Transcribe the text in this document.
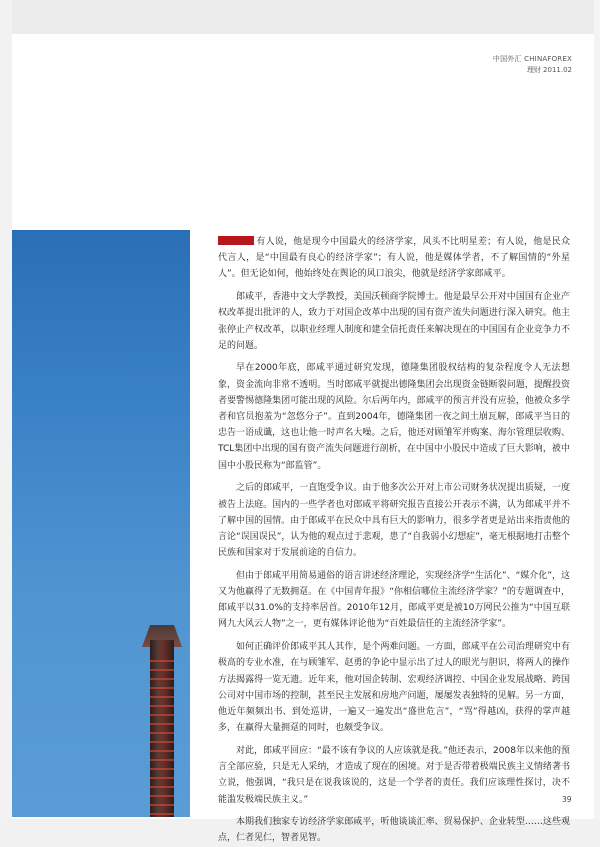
中国外汇 CHINAFOREX
理财 2011.02

有人说，他是现今中国最火的经济学家，风头不比明星差；有人说，他是民众代言人，是“中国最有良心的经济学家”；有人说，他是媒体学者，不了解国情的“外星人”。但无论如何，他始终处在舆论的风口浪尖，他就是经济学家郎咸平。

郎咸平，香港中文大学教授，美国沃顿商学院博士。他是最早公开对中国国有企业产权改革提出批评的人，致力于对国企改革中出现的国有资产流失问题进行深入研究。他主张停止产权改革，以职业经理人制度和建全信托责任来解决现在的中国国有企业竞争力不足的问题。

早在2000年底，郎咸平通过研究发现，德隆集团股权结构的复杂程度令人无法想象，资金流向非常不透明。当时郎咸平就提出德隆集团会出现资金链断裂问题，提醒投资者要警惕德隆集团可能出现的风险。尔后两年内，郎咸平的预言并没有应验，他被众多学者和官员抱羞为“忽悠分子”。直到2004年，德隆集团一夜之间土崩瓦解，郎咸平当日的忠告一语成谶，这也让他一时声名大噪。之后，他还对顾雏军并购案、海尔管理层收购、TCL集团中出现的国有资产流失问题进行剖析，在中国中小股民中造成了巨大影响，被中国中小股民称为“郎监管”。

之后的郎咸平，一直饱受争议。由于他多次公开对上市公司财务状况提出质疑，一度被告上法庭。国内的一些学者也对郎咸平将研究报告直接公开表示不满，认为郎咸平并不了解中国的国情。由于郎咸平在民众中具有巨大的影响力，很多学者更是站出来指责他的言论“误国误民”，认为他的观点过于悲观，患了“自我弱小幻想症”，毫无根据地打击整个民族和国家对于发展前途的自信力。

但由于郎咸平用简易通俗的语言讲述经济理论，实现经济学“生活化”、“媒介化”，这又为他赢得了无数拥趸。在《中国青年报》“你相信哪位主流经济学家？”的专题调查中，郎咸平以31.0%的支持率居首。2010年12月，郎咸平更是被10万网民公推为“中国互联网九大风云人物”之一，更有媒体评论他为“百姓最信任的主流经济学家”。

如何正确评价郎咸平其人其作，是个两难问题。一方面，郎咸平在公司治理研究中有极高的专业水准，在与顾雏军、赵勇的争论中显示出了过人的眼光与胆识，将两人的操作方法揭露得一览无遗。近年来，他对国企转制、宏观经济调控、中国企业发展战略、跨国公司对中国市场的控制，甚至民主发展和房地产问题，屡屡发表独特的见解。另一方面，他近年频频出书、到处巡讲，一遍又一遍发出“盛世危言”，“骂”得越凶，获得的掌声越多，在赢得大量拥趸的同时，也颇受争议。

对此，郎咸平回应：“最不该有争议的人应该就是我。”他还表示，2008年以来他的预言全部应验，只是无人采纳，才造成了现在的困境。对于是否带着极端民族主义情绪著书立说，他强调，“我只是在说我该说的，这是一个学者的责任。我们应该理性探讨，决不能滥发极端民族主义。”

本期我们独家专访经济学家郎咸平，听他谈谈汇率、贸易保护、企业转型……这些观点，仁者见仁，智者见智。

39
